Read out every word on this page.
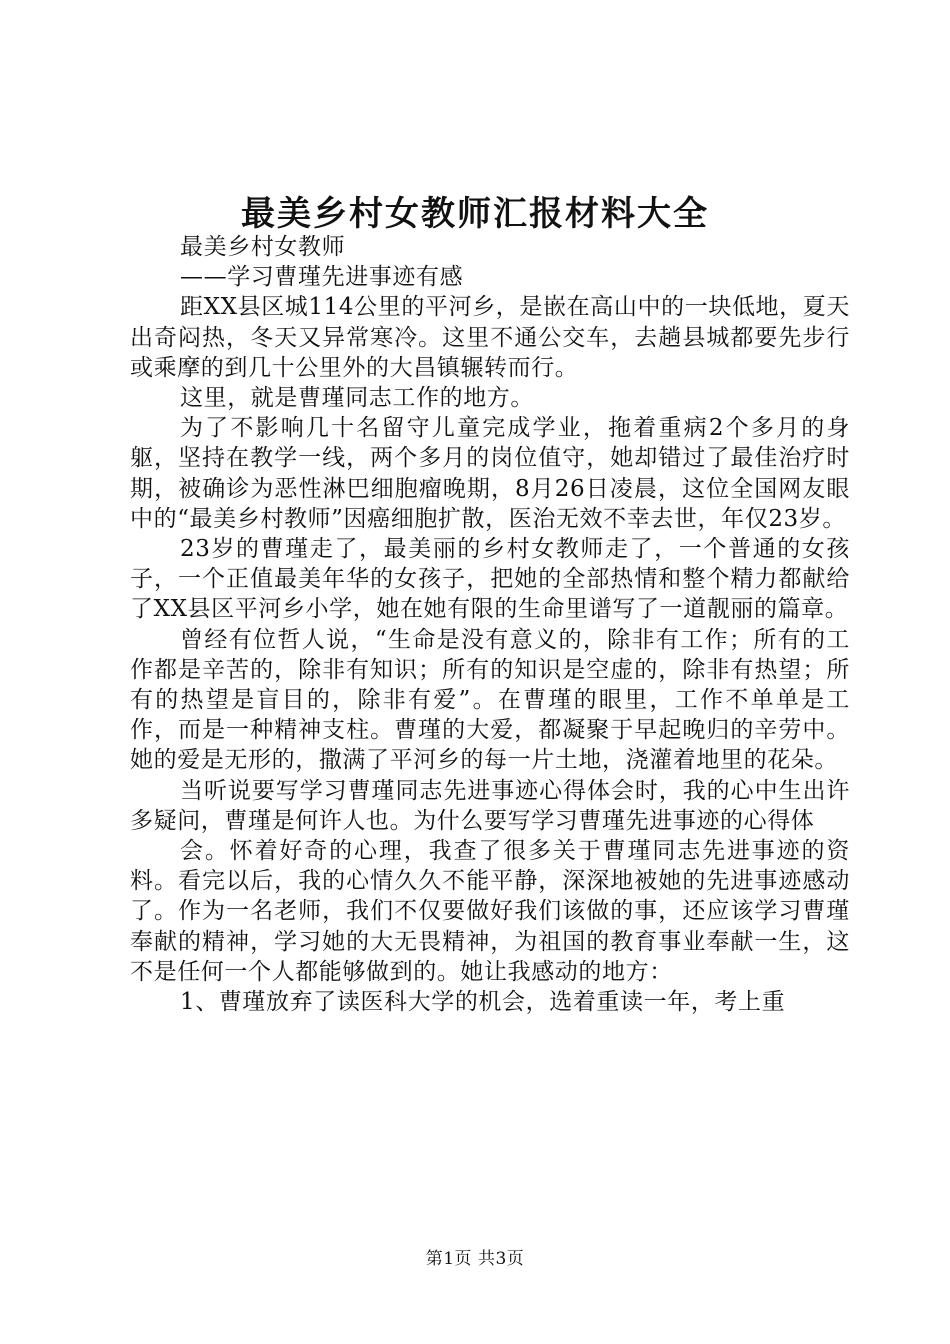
最美乡村女教师汇报材料大全

最美乡村女教师

——学习曹瑾先进事迹有感

距XX县区城114公里的平河乡，是嵌在高山中的一块低地，夏天出奇闷热，冬天又异常寒冷。这里不通公交车，去趟县城都要先步行或乘摩的到几十公里外的大昌镇辗转而行。

这里，就是曹瑾同志工作的地方。

为了不影响几十名留守儿童完成学业，拖着重病2个多月的身躯，坚持在教学一线，两个多月的岗位值守，她却错过了最佳治疗时期，被确诊为恶性淋巴细胞瘤晚期，8月26日凌晨，这位全国网友眼中的“最美乡村教师”因癌细胞扩散，医治无效不幸去世，年仅23岁。

23岁的曹瑾走了，最美丽的乡村女教师走了，一个普通的女孩子，一个正值最美年华的女孩子，把她的全部热情和整个精力都献给了XX县区平河乡小学，她在她有限的生命里谱写了一道靓丽的篇章。

曾经有位哲人说，“生命是没有意义的，除非有工作；所有的工作都是辛苦的，除非有知识；所有的知识是空虚的，除非有热望；所有的热望是盲目的，除非有爱”。在曹瑾的眼里，工作不单单是工作，而是一种精神支柱。曹瑾的大爱，都凝聚于早起晚归的辛劳中。她的爱是无形的，撒满了平河乡的每一片土地，浇灌着地里的花朵。

当听说要写学习曹瑾同志先进事迹心得体会时，我的心中生出许多疑问，曹瑾是何许人也。为什么要写学习曹瑾先进事迹的心得体

会。怀着好奇的心理，我查了很多关于曹瑾同志先进事迹的资料。看完以后，我的心情久久不能平静，深深地被她的先进事迹感动了。作为一名老师，我们不仅要做好我们该做的事，还应该学习曹瑾奉献的精神，学习她的大无畏精神，为祖国的教育事业奉献一生，这不是任何一个人都能够做到的。她让我感动的地方：

1、曹瑾放弃了读医科大学的机会，选着重读一年，考上重

第1页 共3页
